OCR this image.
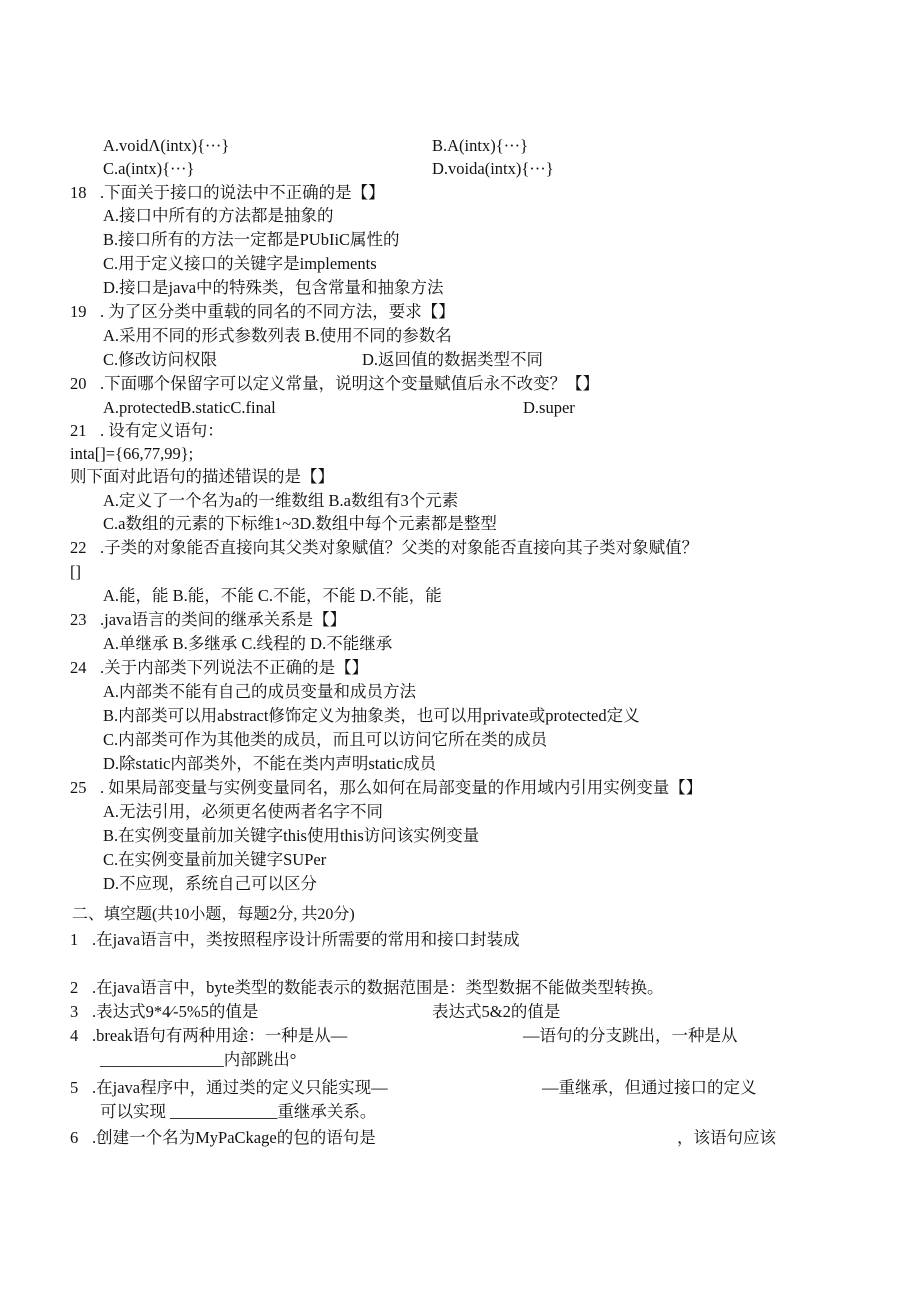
A.voidΛ(intx){···}	B.A(intx){···}
C.a(intx){···}	D.voida(intx){···}
18 .下面关于接口的说法中不正确的是【】
A.接口中所有的方法都是抽象的
B.接口所有的方法一定都是PUbIiC属性的
C.用于定义接口的关键字是implements
D.接口是java中的特殊类，包含常量和抽象方法
19 . 为了区分类中重载的同名的不同方法，要求【】
A.采用不同的形式参数列表 B.使用不同的参数名
C.修改访问权限	D.返回值的数据类型不同
20 .下面哪个保留字可以定义常量，说明这个变量赋值后永不改变？【】
A.protectedB.staticC.final	D.super
21 . 设有定义语句：
inta[]={66,77,99};
则下面对此语句的描述错误的是【】
A.定义了一个名为a的一维数组 B.a数组有3个元素
C.a数组的元素的下标维1~3D.数组中每个元素都是整型
22 .子类的对象能否直接向其父类对象赋值？父类的对象能否直接向其子类对象赋值？
[]
A.能，能 B.能，不能 C.不能，不能 D.不能，能
23 .java语言的类间的继承关系是【】
A.单继承 B.多继承 C.线程的 D.不能继承
24 .关于内部类下列说法不正确的是【】
A.内部类不能有自己的成员变量和成员方法
B.内部类可以用abstract修饰定义为抽象类，也可以用private或protected定义
C.内部类可作为其他类的成员，而且可以访问它所在类的成员
D.除static内部类外，不能在类内声明static成员
25 . 如果局部变量与实例变量同名，那么如何在局部变量的作用域内引用实例变量【】
A.无法引用，必须更名使两者名字不同
B.在实例变量前加关键字this使用this访问该实例变量
C.在实例变量前加关键字SUPer
D.不应现，系统自己可以区分
二、填空题(共10小题，每题2分, 共20分)
1 .在java语言中，类按照程序设计所需要的常用和接口封装成
2 .在java语言中，byte类型的数能表示的数据范围是：类型数据不能做类型转换。
3 .表达式9*4⁄-5%5的值是	表达式5&2的值是
4 .break语句有两种用途：一种是从—	—语句的分支跳出，一种是从
_______________内部跳出°
5 .在java程序中，通过类的定义只能实现—	—重继承，但通过接口的定义
可以实现 _____________重继承关系。
6 .创建一个名为MyPaCkage的包的语句是	，该语句应该
